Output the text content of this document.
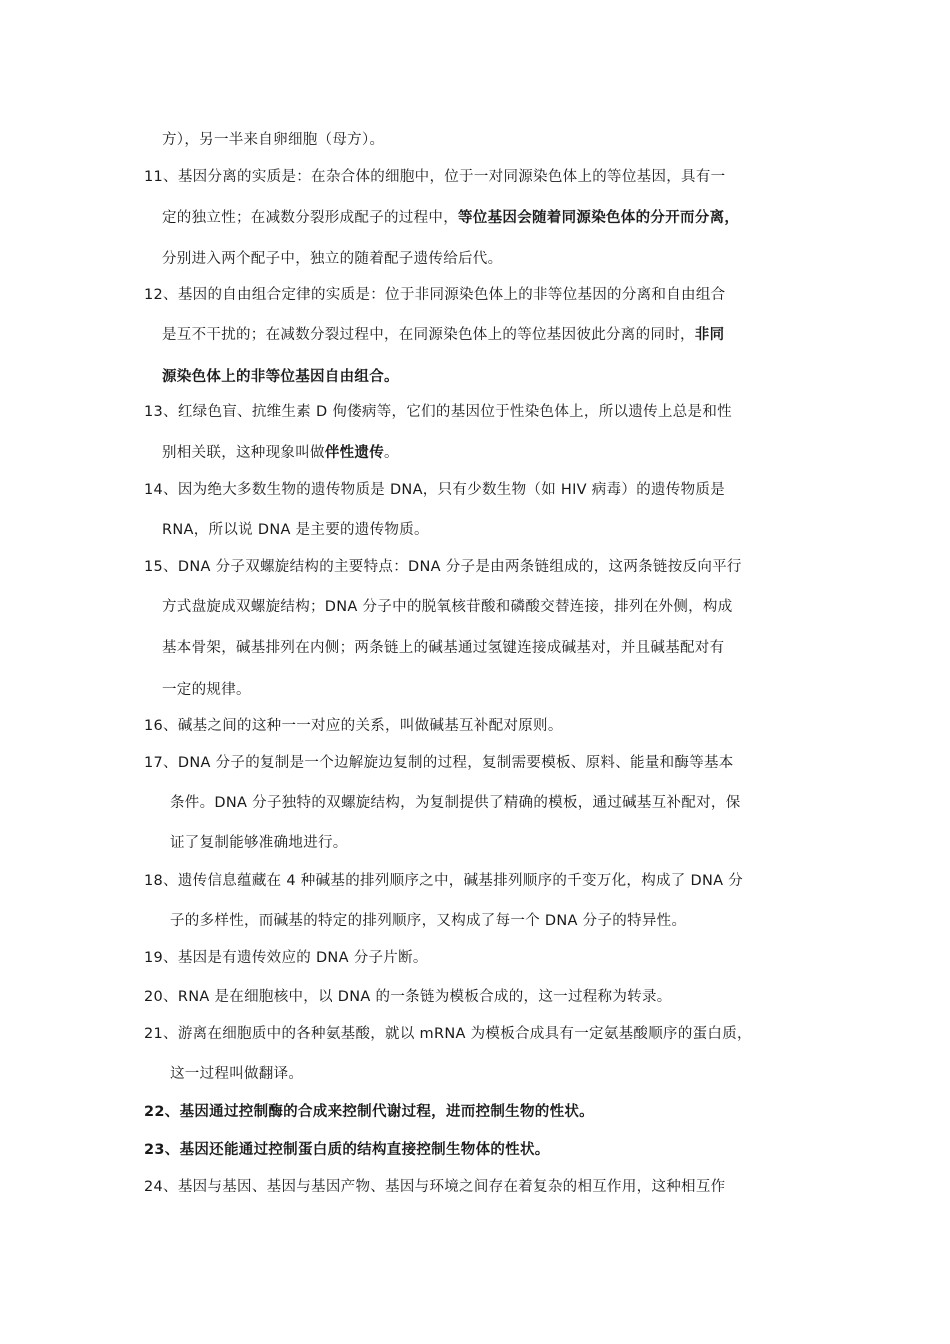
方），另一半来自卵细胞（母方）。
11、基因分离的实质是：在杂合体的细胞中，位于一对同源染色体上的等位基因，具有一
定的独立性；在减数分裂形成配子的过程中，等位基因会随着同源染色体的分开而分离，
分别进入两个配子中，独立的随着配子遗传给后代。
12、基因的自由组合定律的实质是：位于非同源染色体上的非等位基因的分离和自由组合
是互不干扰的；在减数分裂过程中，在同源染色体上的等位基因彼此分离的同时，非同
源染色体上的非等位基因自由组合。
13、红绿色盲、抗维生素 D 佝偻病等，它们的基因位于性染色体上，所以遗传上总是和性
别相关联，这种现象叫做伴性遗传。
14、因为绝大多数生物的遗传物质是 DNA，只有少数生物（如 HIV 病毒）的遗传物质是
RNA，所以说 DNA 是主要的遗传物质。
15、DNA 分子双螺旋结构的主要特点：DNA 分子是由两条链组成的，这两条链按反向平行
方式盘旋成双螺旋结构；DNA 分子中的脱氧核苷酸和磷酸交替连接，排列在外侧，构成
基本骨架，碱基排列在内侧；两条链上的碱基通过氢键连接成碱基对，并且碱基配对有
一定的规律。
16、碱基之间的这种一一对应的关系，叫做碱基互补配对原则。
17、DNA 分子的复制是一个边解旋边复制的过程，复制需要模板、原料、能量和酶等基本
条件。DNA 分子独特的双螺旋结构，为复制提供了精确的模板，通过碱基互补配对，保
证了复制能够准确地进行。
18、遗传信息蕴藏在 4 种碱基的排列顺序之中，碱基排列顺序的千变万化，构成了 DNA 分
子的多样性，而碱基的特定的排列顺序，又构成了每一个 DNA 分子的特异性。
19、基因是有遗传效应的 DNA 分子片断。
20、RNA 是在细胞核中，以 DNA 的一条链为模板合成的，这一过程称为转录。
21、游离在细胞质中的各种氨基酸，就以 mRNA 为模板合成具有一定氨基酸顺序的蛋白质，
这一过程叫做翻译。
22、基因通过控制酶的合成来控制代谢过程，进而控制生物的性状。
23、基因还能通过控制蛋白质的结构直接控制生物体的性状。
24、基因与基因、基因与基因产物、基因与环境之间存在着复杂的相互作用，这种相互作
